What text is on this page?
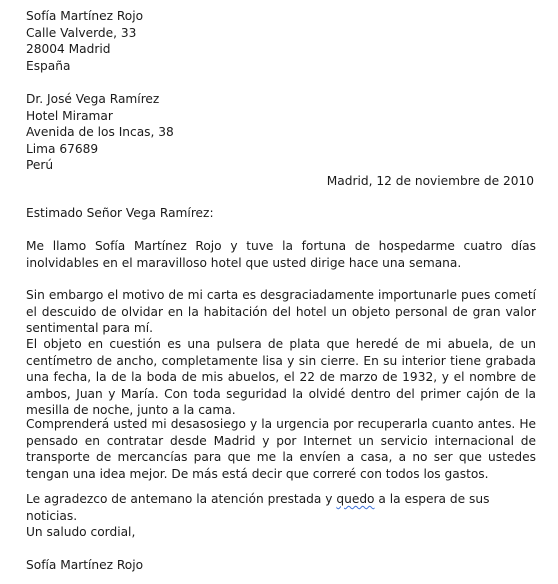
Sofía Martínez Rojo
Calle Valverde, 33
28004 Madrid
España
Dr. José Vega Ramírez
Hotel Miramar
Avenida de los Incas, 38
Lima 67689
Perú
Madrid, 12 de noviembre de 2010
Estimado Señor Vega Ramírez:
Me llamo Sofía Martínez Rojo y tuve la fortuna de hospedarme cuatro días inolvidables en el maravilloso hotel que usted dirige hace una semana.
Sin embargo el motivo de mi carta es desgraciadamente importunarle pues cometí el descuido de olvidar en la habitación del hotel un objeto personal de gran valor sentimental para mí.
El objeto en cuestión es una pulsera de plata que heredé de mi abuela, de un centímetro de ancho, completamente lisa y sin cierre. En su interior tiene grabada una fecha, la de la boda de mis abuelos, el 22 de marzo de 1932, y el nombre de ambos, Juan y María. Con toda seguridad la olvidé dentro del primer cajón de la mesilla de noche, junto a la cama.
Comprenderá usted mi desasosiego y la urgencia por recuperarla cuanto antes. He pensado en contratar desde Madrid y por Internet un servicio internacional de transporte de mercancías para que me la envíen a casa, a no ser que ustedes tengan una idea mejor. De más está decir que correré con todos los gastos.
Le agradezco de antemano la atención prestada y quedo a la espera de sus noticias.
Un saludo cordial,
Sofía Martínez Rojo
